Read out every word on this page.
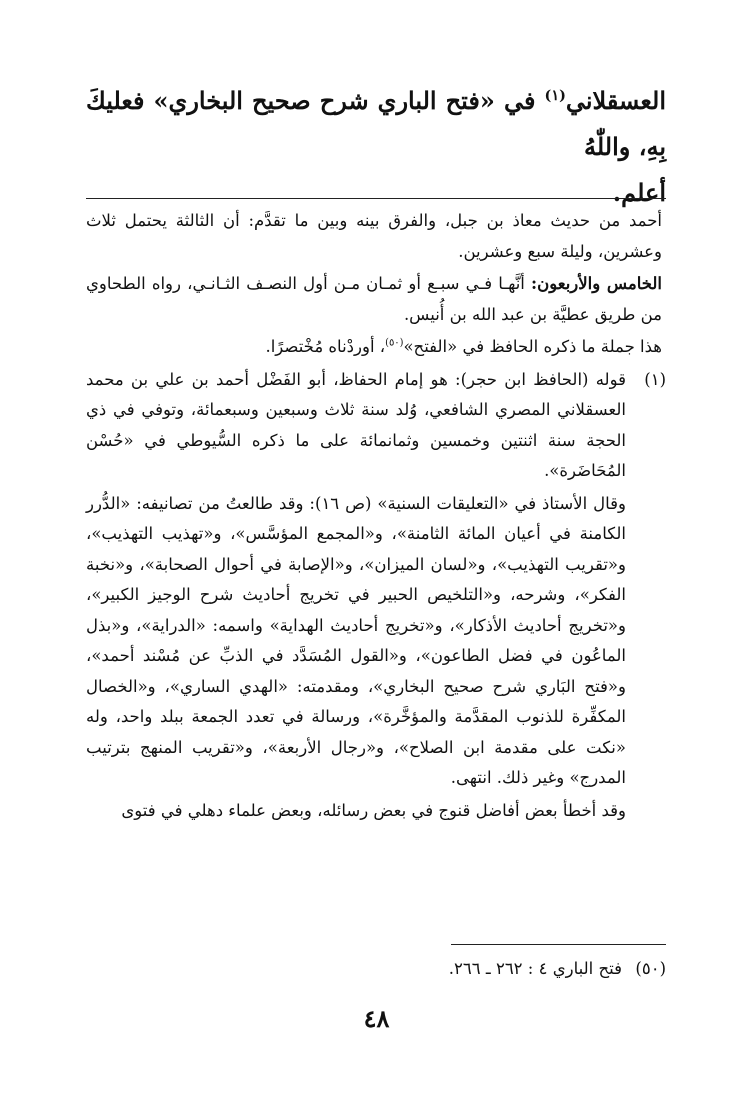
العسقلاني$^{(١)}$ في «فتح الباري شرح صحيح البخاري» فعليكَ بِهِ، واللّٰهُ

أعلم.

أحمد من حديث معاذ بن جبل، والفرق بينه وبين ما تقدَّم: أن الثالثة يحتمل ثلاث وعشرين، وليلة سبع وعشرين.

الخامس والأربعون: أنَّهـا فـي سبـع أو ثمـان مـن أول النصـف الثـانـي، رواه الطحاوي من طريق عطيَّة بن عبد الله بن أُنيس.

هذا جملة ما ذكره الحافظ في «الفتح»$^{(٥٠)}$، أوردْناه مُخْتصرًا.

(١)

قوله (الحافظ ابن حجر): هو إمام الحفاظ، أبو الفَضْل أحمد بن علي بن محمد العسقلاني المصري الشافعي، وُلد سنة ثلاث وسبعين وسبعمائة، وتوفي في ذي الحجة سنة اثنتين وخمسين وثمانمائة على ما ذكره السُّيوطي في «حُسْن المُحَاضَرة».

وقال الأستاذ في «التعليقات السنية» (ص ١٦): وقد طالعتُ من تصانيفه: «الدُّرر الكامنة في أعيان المائة الثامنة»، و«المجمع المؤسَّس»، و«تهذيب التهذيب»، و«تقريب التهذيب»، و«لسان الميزان»، و«الإصابة في أحوال الصحابة»، و«نخبة الفكر»، وشرحه، و«التلخيص الحبير في تخريج أحاديث شرح الوجيز الكبير»، و«تخريج أحاديث الأذكار»، و«تخريج أحاديث الهداية» واسمه: «الدراية»، و«بذل الماعُون في فضل الطاعون»، و«القول المُسَدَّد في الذبِّ عن مُسْند أحمد»، و«فتح البَاري شرح صحيح البخاري»، ومقدمته: «الهدي الساري»، و«الخصال المكفِّرة للذنوب المقدَّمة والمؤخَّرة»، ورسالة في تعدد الجمعة ببلد واحد، وله «نكت على مقدمة ابن الصلاح»، و«رجال الأربعة»، و«تقريب المنهج بترتيب المدرج» وغير ذلك. انتهى.

وقد أخطأ بعض أفاضل قنوج في بعض رسائله، وبعض علماء دهلي في فتوى

(٥٠)
فتح الباري ٤ : ٢٦٢ ـ ٢٦٦.
٤٨
